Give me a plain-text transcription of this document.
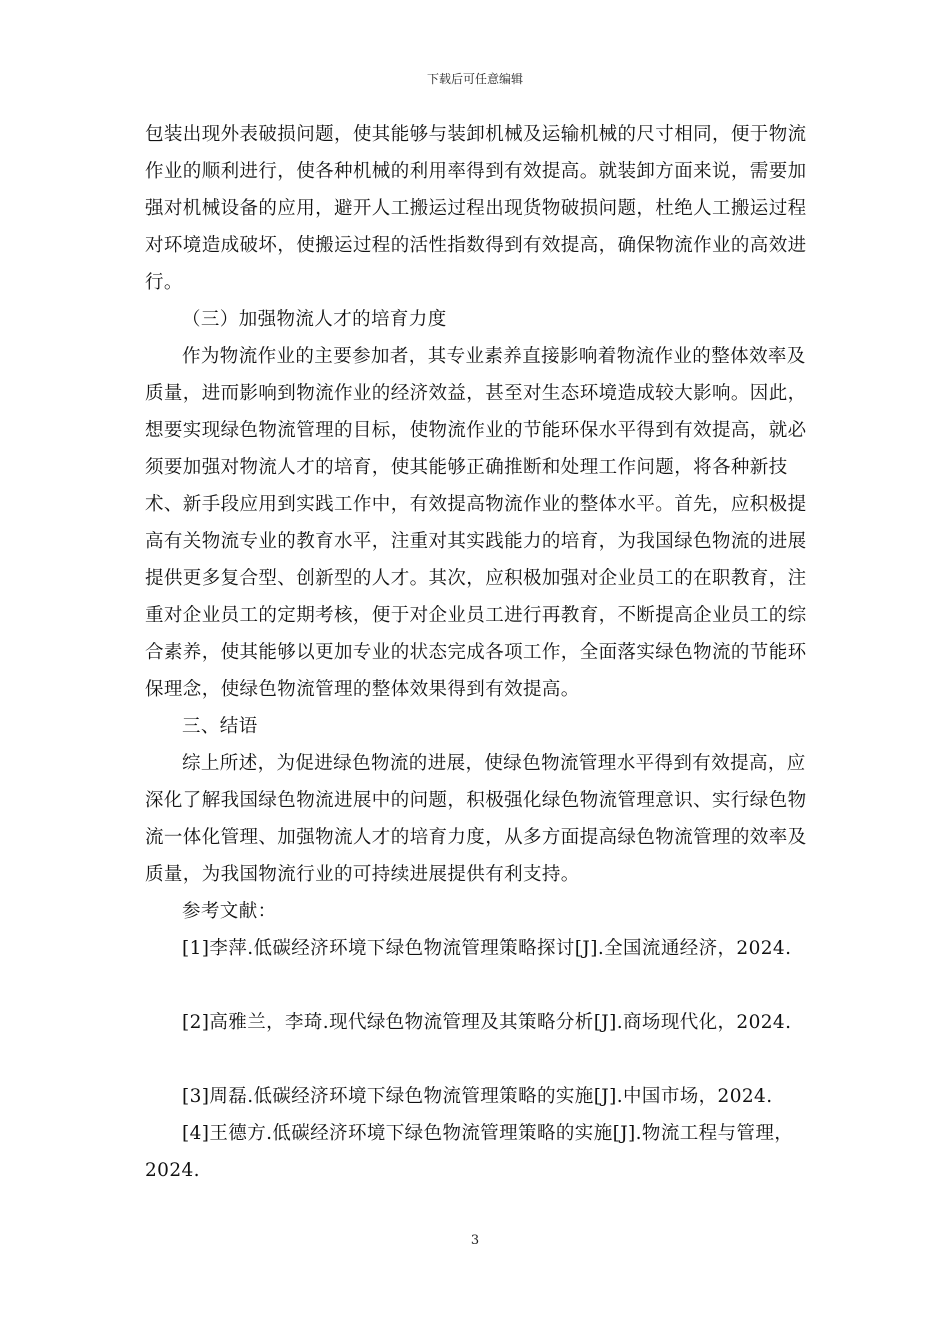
下载后可任意编辑

包装出现外表破损问题，使其能够与装卸机械及运输机械的尺寸相同，便于物流作业的顺利进行，使各种机械的利用率得到有效提高。就装卸方面来说，需要加强对机械设备的应用，避开人工搬运过程出现货物破损问题，杜绝人工搬运过程对环境造成破坏，使搬运过程的活性指数得到有效提高，确保物流作业的高效进行。

（三）加强物流人才的培育力度

作为物流作业的主要参加者，其专业素养直接影响着物流作业的整体效率及质量，进而影响到物流作业的经济效益，甚至对生态环境造成较大影响。因此，想要实现绿色物流管理的目标，使物流作业的节能环保水平得到有效提高，就必须要加强对物流人才的培育，使其能够正确推断和处理工作问题，将各种新技术、新手段应用到实践工作中，有效提高物流作业的整体水平。首先，应积极提高有关物流专业的教育水平，注重对其实践能力的培育，为我国绿色物流的进展提供更多复合型、创新型的人才。其次，应积极加强对企业员工的在职教育，注重对企业员工的定期考核，便于对企业员工进行再教育，不断提高企业员工的综合素养，使其能够以更加专业的状态完成各项工作，全面落实绿色物流的节能环保理念，使绿色物流管理的整体效果得到有效提高。

三、结语

综上所述，为促进绿色物流的进展，使绿色物流管理水平得到有效提高，应深化了解我国绿色物流进展中的问题，积极强化绿色物流管理意识、实行绿色物流一体化管理、加强物流人才的培育力度，从多方面提高绿色物流管理的效率及质量，为我国物流行业的可持续进展提供有利支持。

参考文献：

[1]李萍.低碳经济环境下绿色物流管理策略探讨[J].全国流通经济，2024.

[2]高雅兰，李琦.现代绿色物流管理及其策略分析[J].商场现代化，2024.

[3]周磊.低碳经济环境下绿色物流管理策略的实施[J].中国市场，2024.

[4]王德方.低碳经济环境下绿色物流管理策略的实施[J].物流工程与管理，2024.

3
